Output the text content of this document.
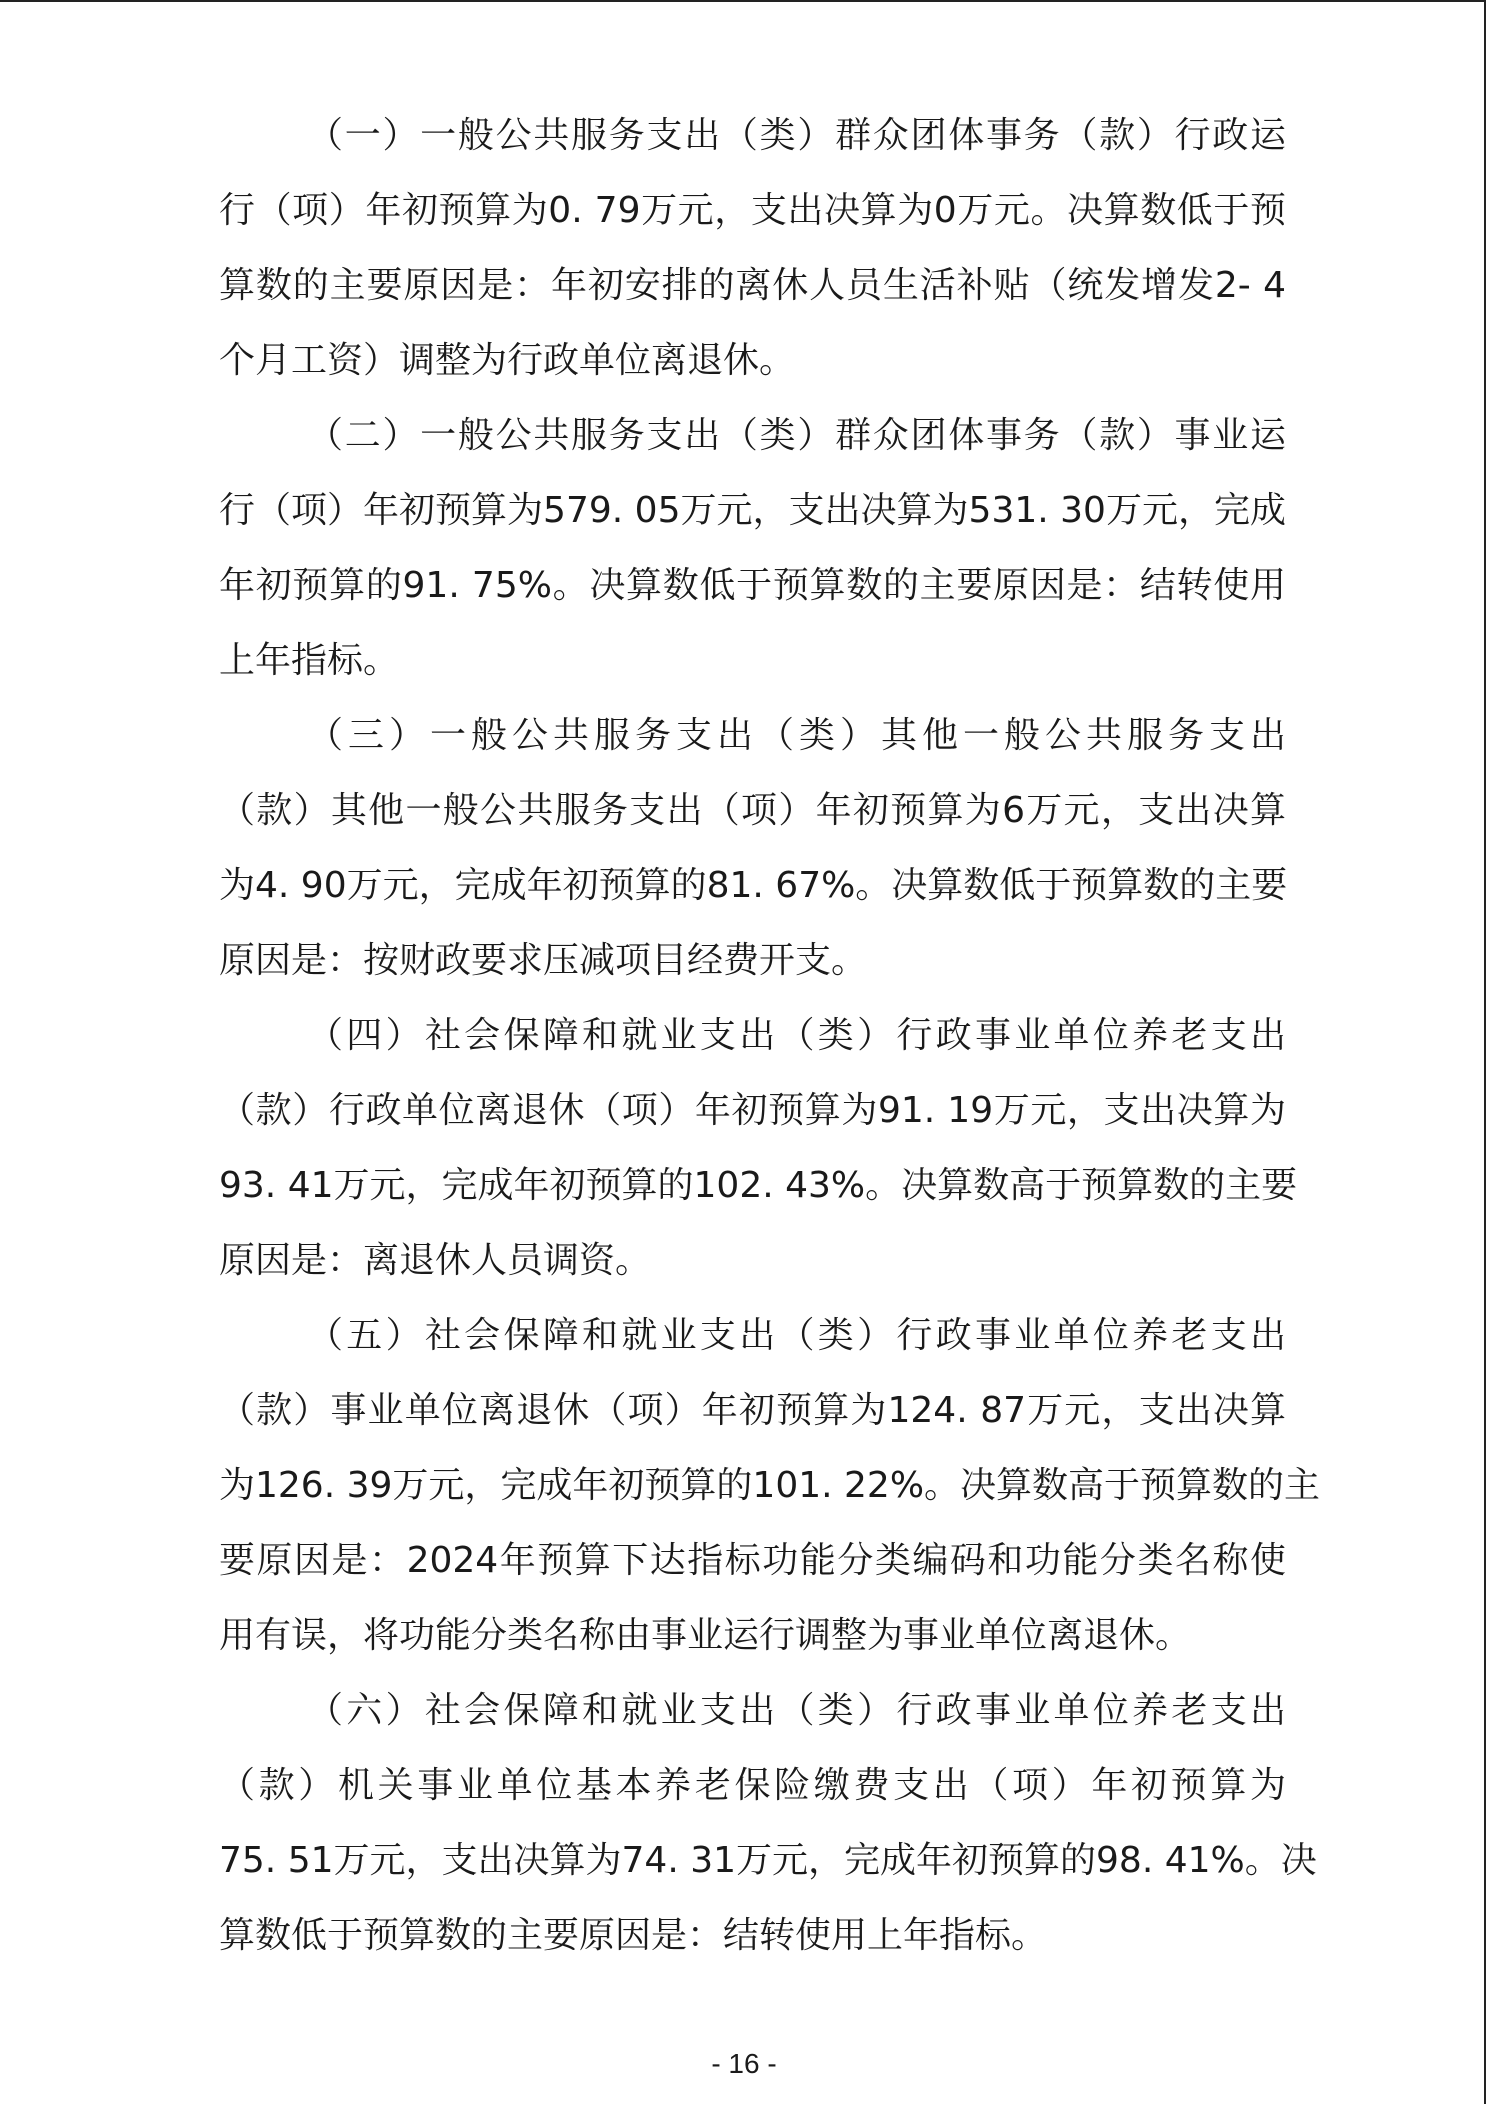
（一）一般公共服务支出（类）群众团体事务（款）行政运
行（项）年初预算为0. 79万元，支出决算为0万元。决算数低于预
算数的主要原因是：年初安排的离休人员生活补贴（统发增发2- 4
个月工资）调整为行政单位离退休。

（二）一般公共服务支出（类）群众团体事务（款）事业运
行（项）年初预算为579. 05万元，支出决算为531. 30万元，完成
年初预算的91. 75%。决算数低于预算数的主要原因是：结转使用
上年指标。

（三）一般公共服务支出（类）其他一般公共服务支出
（款）其他一般公共服务支出（项）年初预算为6万元，支出决算
为4. 90万元，完成年初预算的81. 67%。决算数低于预算数的主要
原因是：按财政要求压减项目经费开支。

（四）社会保障和就业支出（类）行政事业单位养老支出
（款）行政单位离退休（项）年初预算为91. 19万元，支出决算为
93. 41万元，完成年初预算的102. 43%。决算数高于预算数的主要
原因是：离退休人员调资。

（五）社会保障和就业支出（类）行政事业单位养老支出
（款）事业单位离退休（项）年初预算为124. 87万元，支出决算
为126. 39万元，完成年初预算的101. 22%。决算数高于预算数的主
要原因是：2024年预算下达指标功能分类编码和功能分类名称使
用有误，将功能分类名称由事业运行调整为事业单位离退休。

（六）社会保障和就业支出（类）行政事业单位养老支出
（款）机关事业单位基本养老保险缴费支出（项）年初预算为
75. 51万元，支出决算为74. 31万元，完成年初预算的98. 41%。决
算数低于预算数的主要原因是：结转使用上年指标。

- 16 -
